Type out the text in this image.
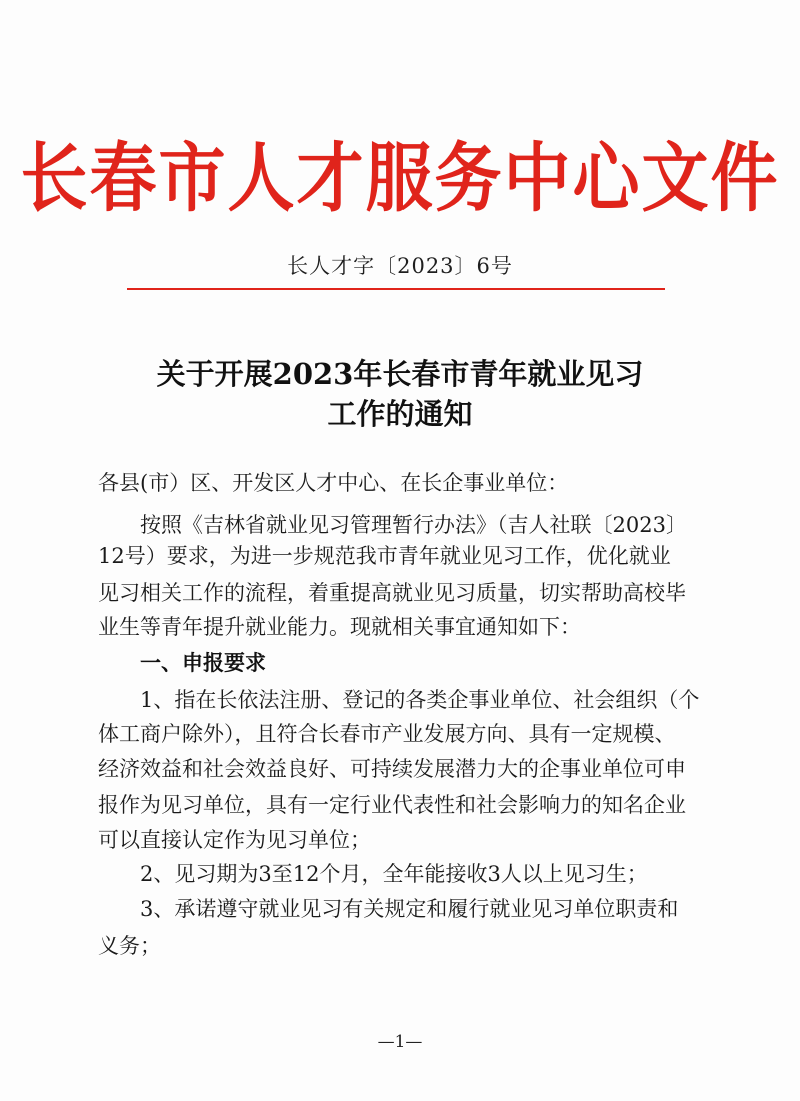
长春市人才服务中心文件
长人才字〔2023〕6号
关于开展2023年长春市青年就业见习
工作的通知
各县(市）区、开发区人才中心、在长企事业单位：
按照《吉林省就业见习管理暂行办法》（吉人社联〔2023〕
12号）要求，为进一步规范我市青年就业见习工作，优化就业
见习相关工作的流程，着重提高就业见习质量，切实帮助高校毕
业生等青年提升就业能力。现就相关事宜通知如下：
一、申报要求
1、指在长依法注册、登记的各类企事业单位、社会组织（个
体工商户除外），且符合长春市产业发展方向、具有一定规模、
经济效益和社会效益良好、可持续发展潜力大的企事业单位可申
报作为见习单位，具有一定行业代表性和社会影响力的知名企业
可以直接认定作为见习单位；
2、见习期为3至12个月，全年能接收3人以上见习生；
3、承诺遵守就业见习有关规定和履行就业见习单位职责和
义务；
—1—
